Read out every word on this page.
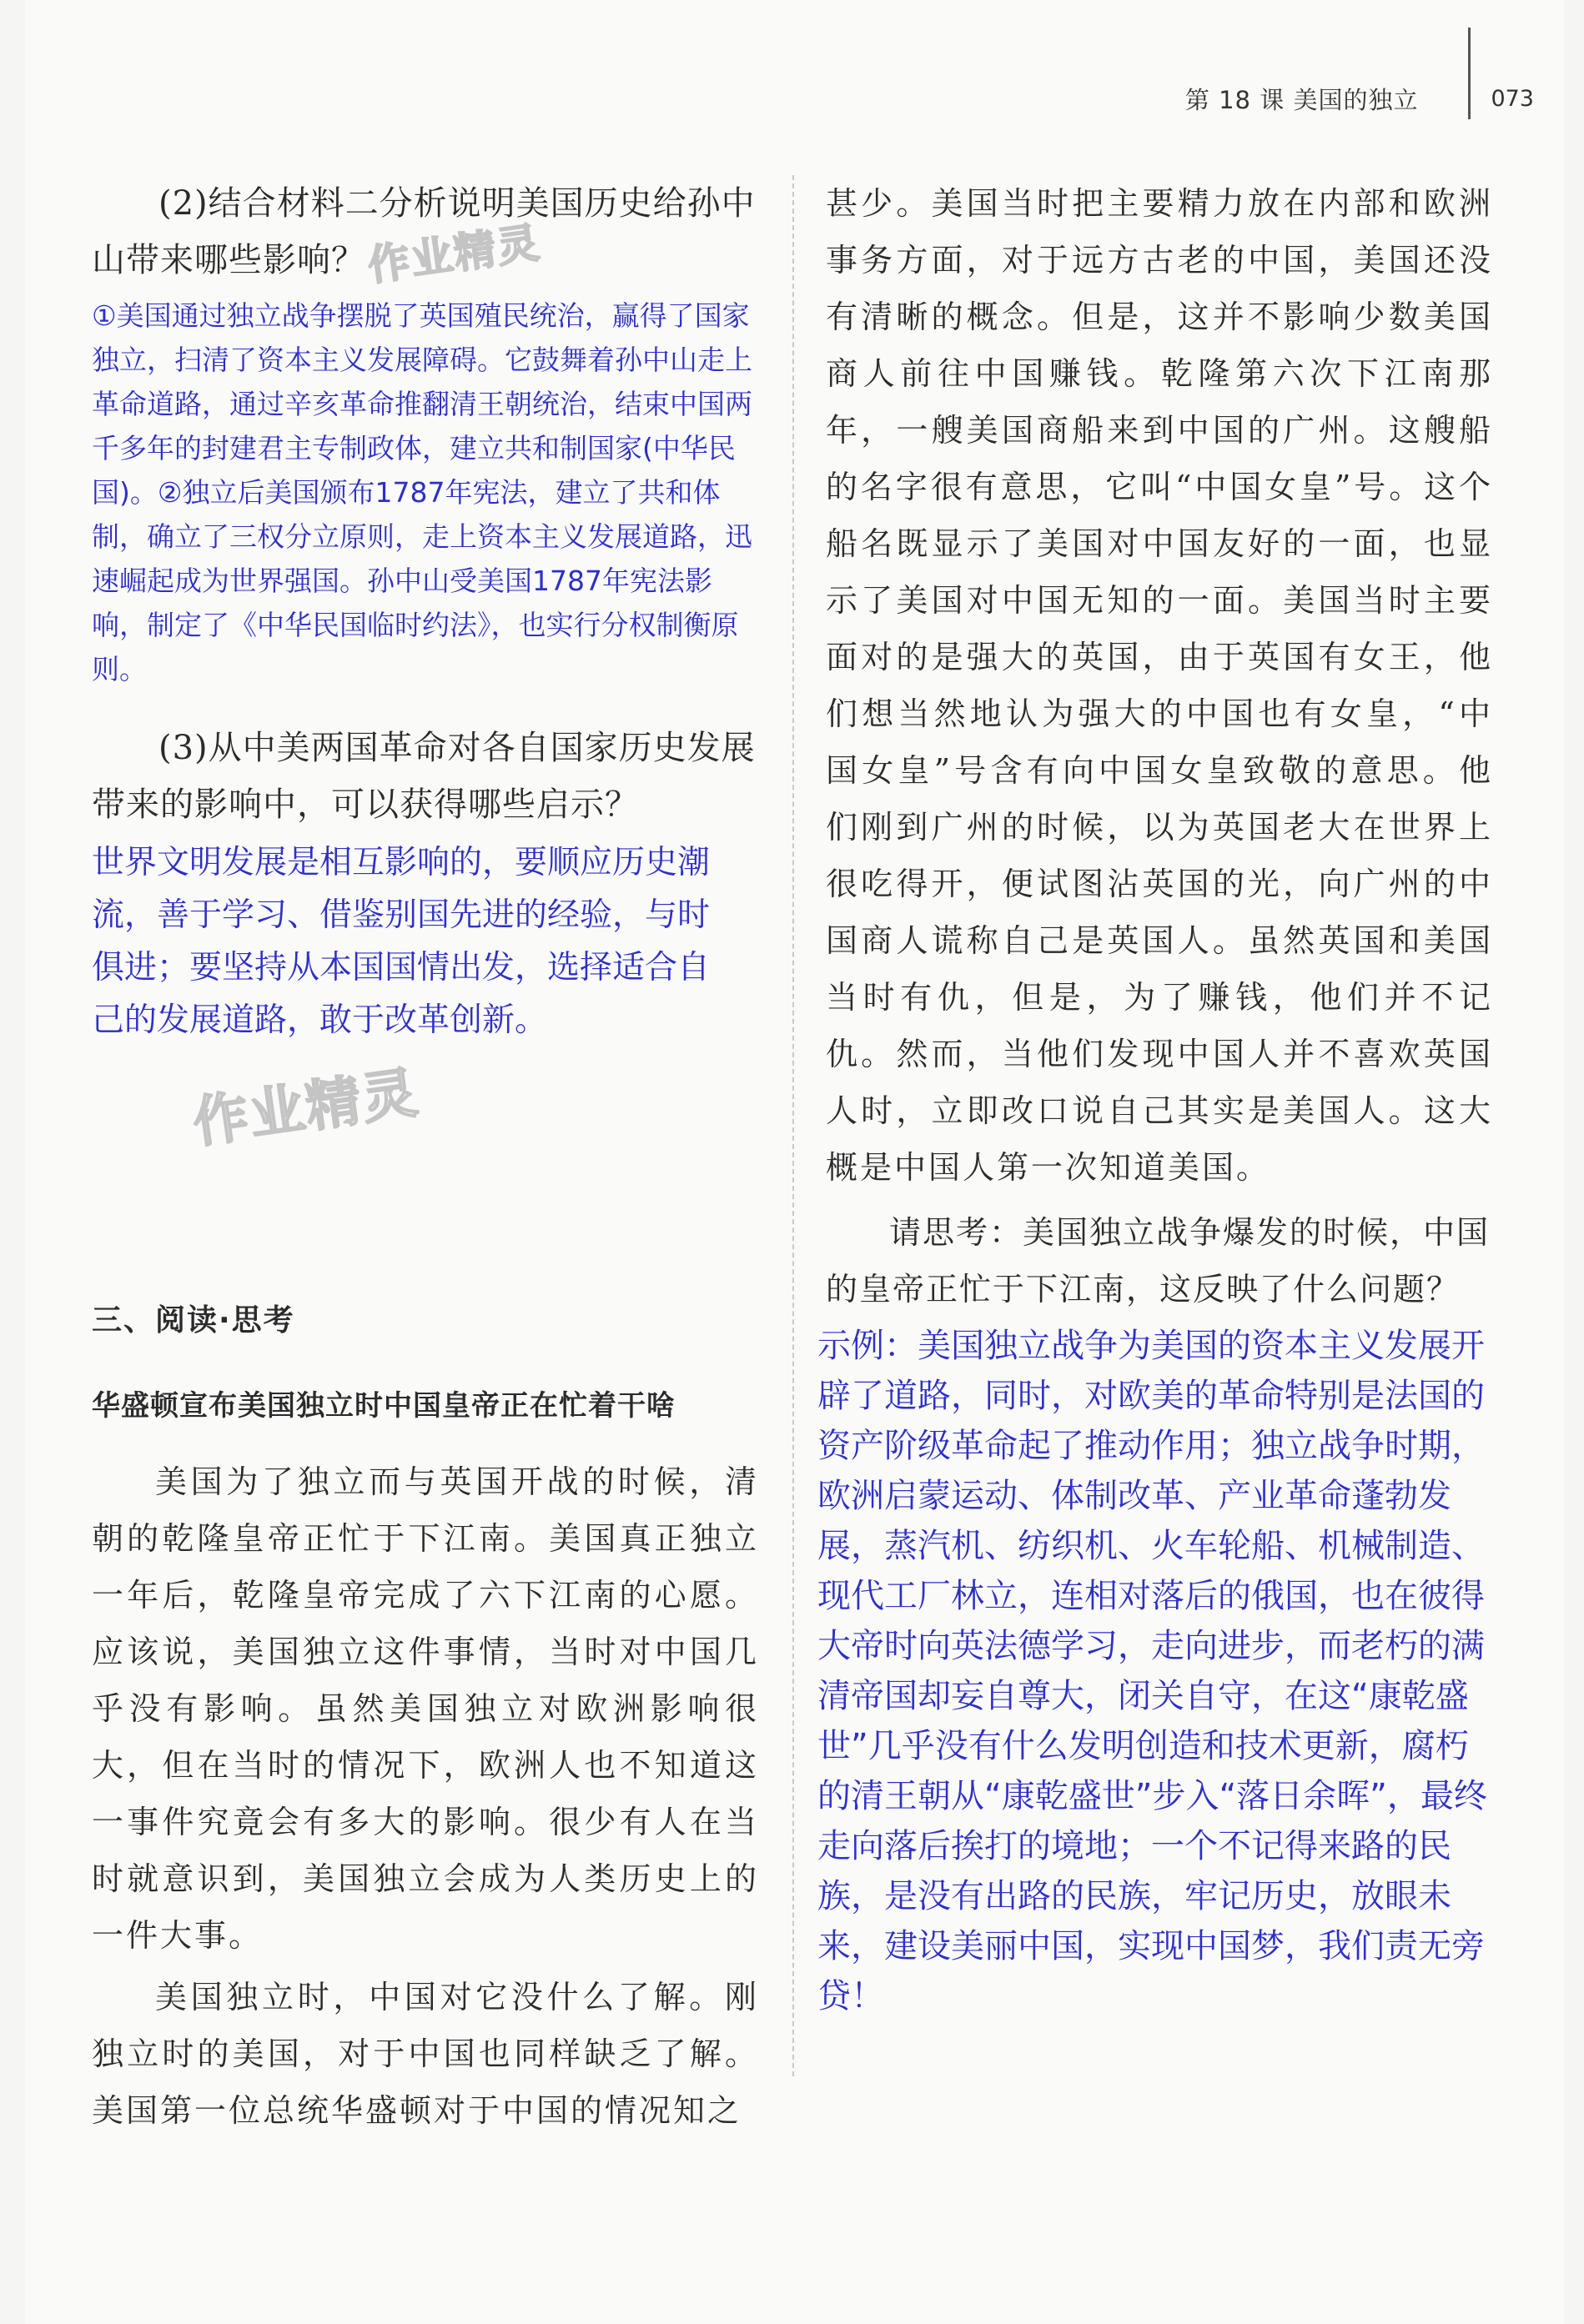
第 18 课 美国的独立	073
作业精灵
作业精灵

(2)结合材料二分析说明美国历史给孙中山带来哪些影响？

①美国通过独立战争摆脱了英国殖民统治，赢得了国家独立，扫清了资本主义发展障碍。它鼓舞着孙中山走上革命道路，通过辛亥革命推翻清王朝统治，结束中国两千多年的封建君主专制政体，建立共和制国家(中华民国)。②独立后美国颁布1787年宪法，建立了共和体制，确立了三权分立原则，走上资本主义发展道路，迅速崛起成为世界强国。孙中山受美国1787年宪法影响，制定了《中华民国临时约法》，也实行分权制衡原则。

(3)从中美两国革命对各自国家历史发展带来的影响中，可以获得哪些启示？

世界文明发展是相互影响的，要顺应历史潮流，善于学习、借鉴别国先进的经验，与时俱进；要坚持从本国国情出发，选择适合自己的发展道路，敢于改革创新。

三、阅读·思考

华盛顿宣布美国独立时中国皇帝正在忙着干啥

美国为了独立而与英国开战的时候，清朝的乾隆皇帝正忙于下江南。美国真正独立一年后，乾隆皇帝完成了六下江南的心愿。应该说，美国独立这件事情，当时对中国几乎没有影响。虽然美国独立对欧洲影响很大，但在当时的情况下，欧洲人也不知道这一事件究竟会有多大的影响。很少有人在当时就意识到，美国独立会成为人类历史上的一件大事。

美国独立时，中国对它没什么了解。刚独立时的美国，对于中国也同样缺乏了解。美国第一位总统华盛顿对于中国的情况知之

甚少。美国当时把主要精力放在内部和欧洲事务方面，对于远方古老的中国，美国还没有清晰的概念。但是，这并不影响少数美国商人前往中国赚钱。乾隆第六次下江南那年，一艘美国商船来到中国的广州。这艘船的名字很有意思，它叫“中国女皇”号。这个船名既显示了美国对中国友好的一面，也显示了美国对中国无知的一面。美国当时主要面对的是强大的英国，由于英国有女王，他们想当然地认为强大的中国也有女皇，“中国女皇”号含有向中国女皇致敬的意思。他们刚到广州的时候，以为英国老大在世界上很吃得开，便试图沾英国的光，向广州的中国商人谎称自己是英国人。虽然英国和美国当时有仇，但是，为了赚钱，他们并不记仇。然而，当他们发现中国人并不喜欢英国人时，立即改口说自己其实是美国人。这大概是中国人第一次知道美国。

请思考：美国独立战争爆发的时候，中国的皇帝正忙于下江南，这反映了什么问题？

示例：美国独立战争为美国的资本主义发展开辟了道路，同时，对欧美的革命特别是法国的资产阶级革命起了推动作用；独立战争时期，欧洲启蒙运动、体制改革、产业革命蓬勃发展，蒸汽机、纺织机、火车轮船、机械制造、现代工厂林立，连相对落后的俄国，也在彼得大帝时向英法德学习，走向进步，而老朽的满清帝国却妄自尊大，闭关自守，在这“康乾盛世”几乎没有什么发明创造和技术更新，腐朽的清王朝从“康乾盛世”步入“落日余晖”，最终走向落后挨打的境地；一个不记得来路的民族，是没有出路的民族，牢记历史，放眼未来，建设美丽中国，实现中国梦，我们责无旁贷！
